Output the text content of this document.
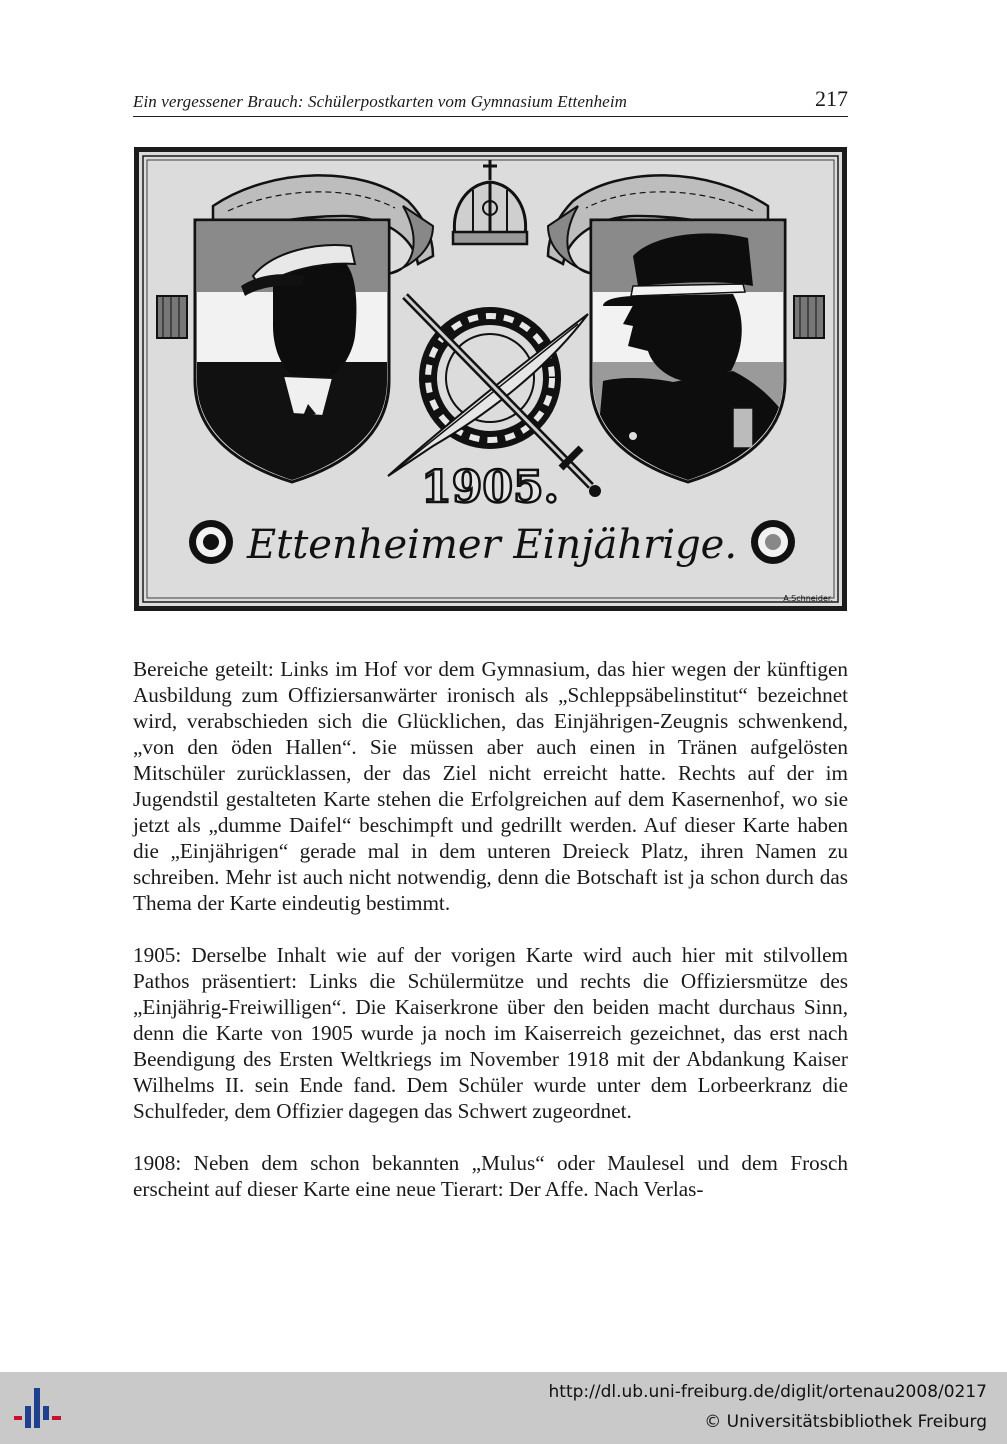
Ein vergessener Brauch: Schülerpostkarten vom Gymnasium Ettenheim	217
1905.
Ettenheimer Einjährige.
A.Schneider.

Bereiche geteilt: Links im Hof vor dem Gymnasium, das hier wegen der künftigen Ausbildung zum Offiziersanwärter ironisch als „Schleppsäbelinstitut“ bezeichnet wird, verabschieden sich die Glücklichen, das Einjährigen-Zeugnis schwenkend, „von den öden Hallen“. Sie müssen aber auch einen in Tränen aufgelösten Mitschüler zurücklassen, der das Ziel nicht erreicht hatte. Rechts auf der im Jugendstil gestalteten Karte stehen die Erfolgreichen auf dem Kasernenhof, wo sie jetzt als „dumme Daifel“ beschimpft und gedrillt werden. Auf dieser Karte haben die „Einjährigen“ gerade mal in dem unteren Dreieck Platz, ihren Namen zu schreiben. Mehr ist auch nicht notwendig, denn die Botschaft ist ja schon durch das Thema der Karte eindeutig bestimmt.

1905: Derselbe Inhalt wie auf der vorigen Karte wird auch hier mit stilvollem Pathos präsentiert: Links die Schülermütze und rechts die Offiziersmütze des „Einjährig-Freiwilligen“. Die Kaiserkrone über den beiden macht durchaus Sinn, denn die Karte von 1905 wurde ja noch im Kaiserreich gezeichnet, das erst nach Beendigung des Ersten Weltkriegs im November 1918 mit der Abdankung Kaiser Wilhelms II. sein Ende fand. Dem Schüler wurde unter dem Lorbeerkranz die Schulfeder, dem Offizier dagegen das Schwert zugeordnet.

1908: Neben dem schon bekannten „Mulus“ oder Maulesel und dem Frosch erscheint auf dieser Karte eine neue Tierart: Der Affe. Nach Verlas-

http://dl.ub.uni-freiburg.de/diglit/ortenau2008/0217
© Universitätsbibliothek Freiburg
